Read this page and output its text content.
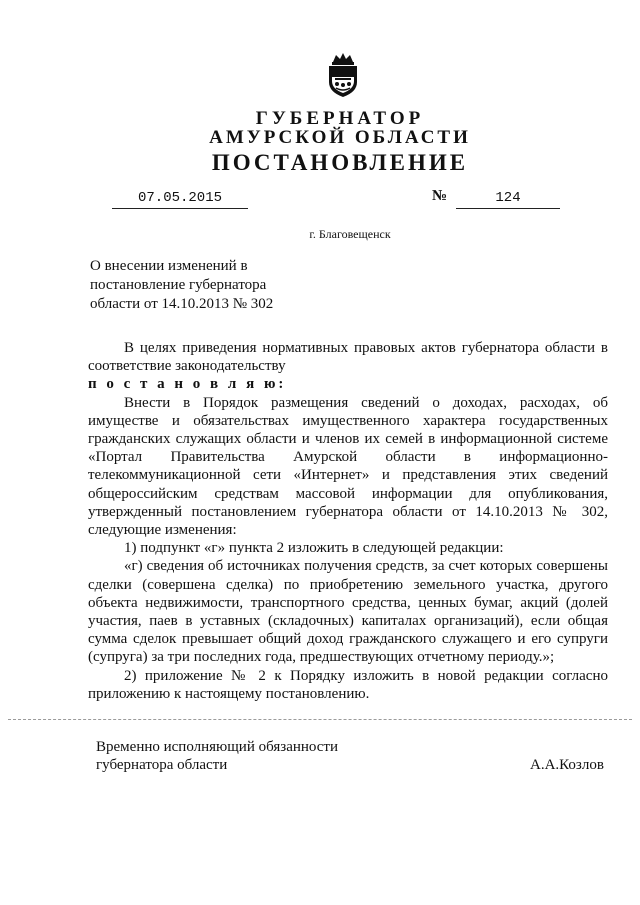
ГУБЕРНАТОР
АМУРСКОЙ ОБЛАСТИ
ПОСТАНОВЛЕНИЕ
07.05.2015	№	124
г. Благовещенск
О внесении изменений в
постановление губернатора
области от 14.10.2013 № 302

В целях приведения нормативных правовых актов губернатора области в соответствие законодательству

п о с т а н о в л я ю:

Внести в Порядок размещения сведений о доходах, расходах, об имуществе и обязательствах имущественного характера государственных гражданских служащих области и членов их семей в информационной системе «Портал Правительства Амурской области в информационно-телекоммуникационной сети «Интернет» и представления этих сведений общероссийским средствам массовой информации для опубликования, утвержденный постановлением губернатора области от 14.10.2013 № 302, следующие изменения:

1) подпункт «г» пункта 2 изложить в следующей редакции:

«г) сведения об источниках получения средств, за счет которых совершены сделки (совершена сделка) по приобретению земельного участка, другого объекта недвижимости, транспортного средства, ценных бумаг, акций (долей участия, паев в уставных (складочных) капиталах организаций), если общая сумма сделок превышает общий доход гражданского служащего и его супруги (супруга) за три последних года, предшествующих отчетному периоду.»;

2) приложение № 2 к Порядку изложить в новой редакции согласно приложению к настоящему постановлению.

Временно исполняющий обязанности
губернатора области	А.А.Козлов
